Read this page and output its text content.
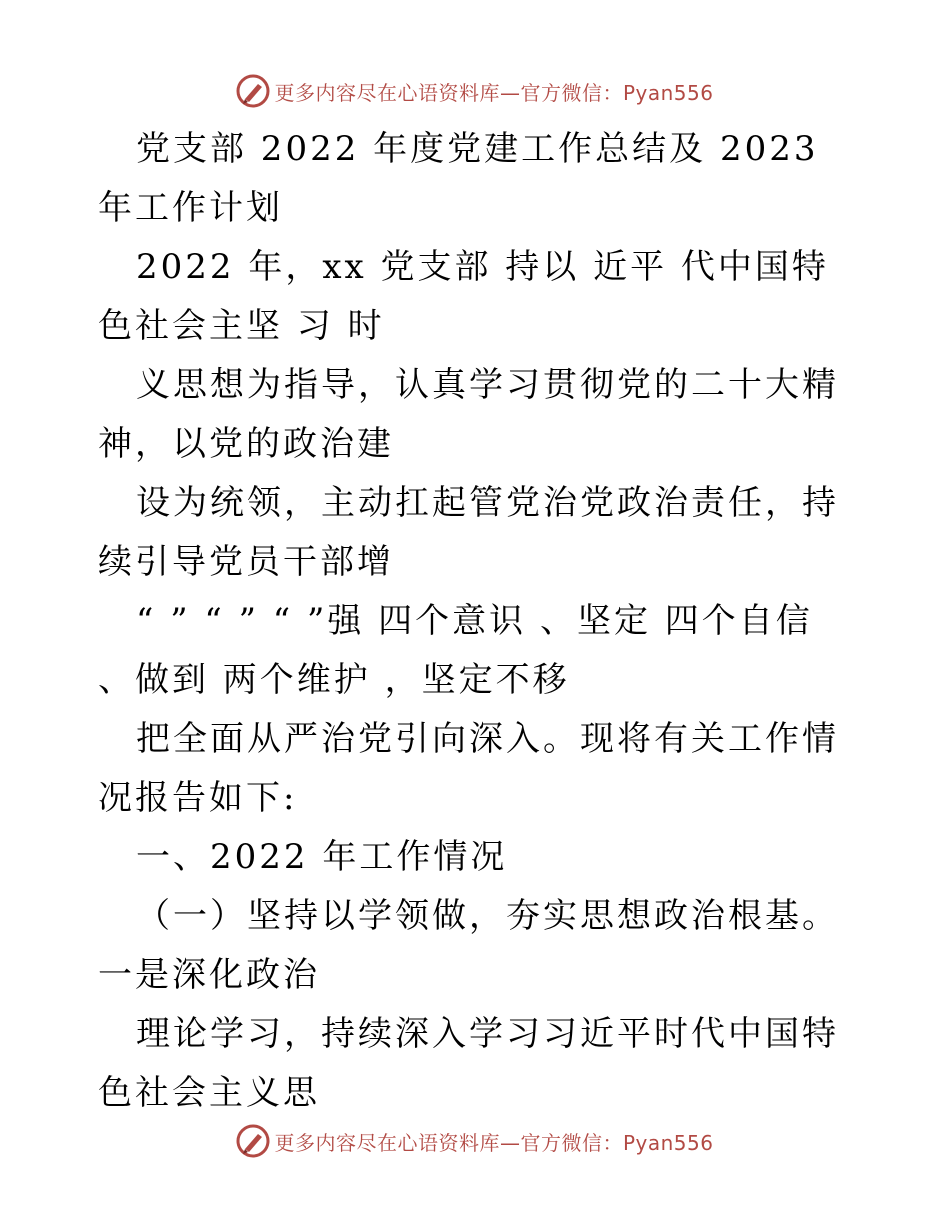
更多内容尽在心语资料库—官方微信：Pyan556

党支部 2022 年度党建工作总结及 2023 年工作计划

2022 年，xx 党支部 持以 近平 代中国特色社会主坚 习 时

义思想为指导，认真学习贯彻党的二十大精神，以党的政治建

设为统领，主动扛起管党治党政治责任，持续引导党员干部增

“ ” “ ” “ ”强 四个意识 、坚定 四个自信 、做到 两个维护 ，坚定不移

把全面从严治党引向深入。现将有关工作情况报告如下:

一、2022 年工作情况

（一）坚持以学领做，夯实思想政治根基。一是深化政治

理论学习，持续深入学习习近平时代中国特色社会主义思

更多内容尽在心语资料库—官方微信：Pyan556
